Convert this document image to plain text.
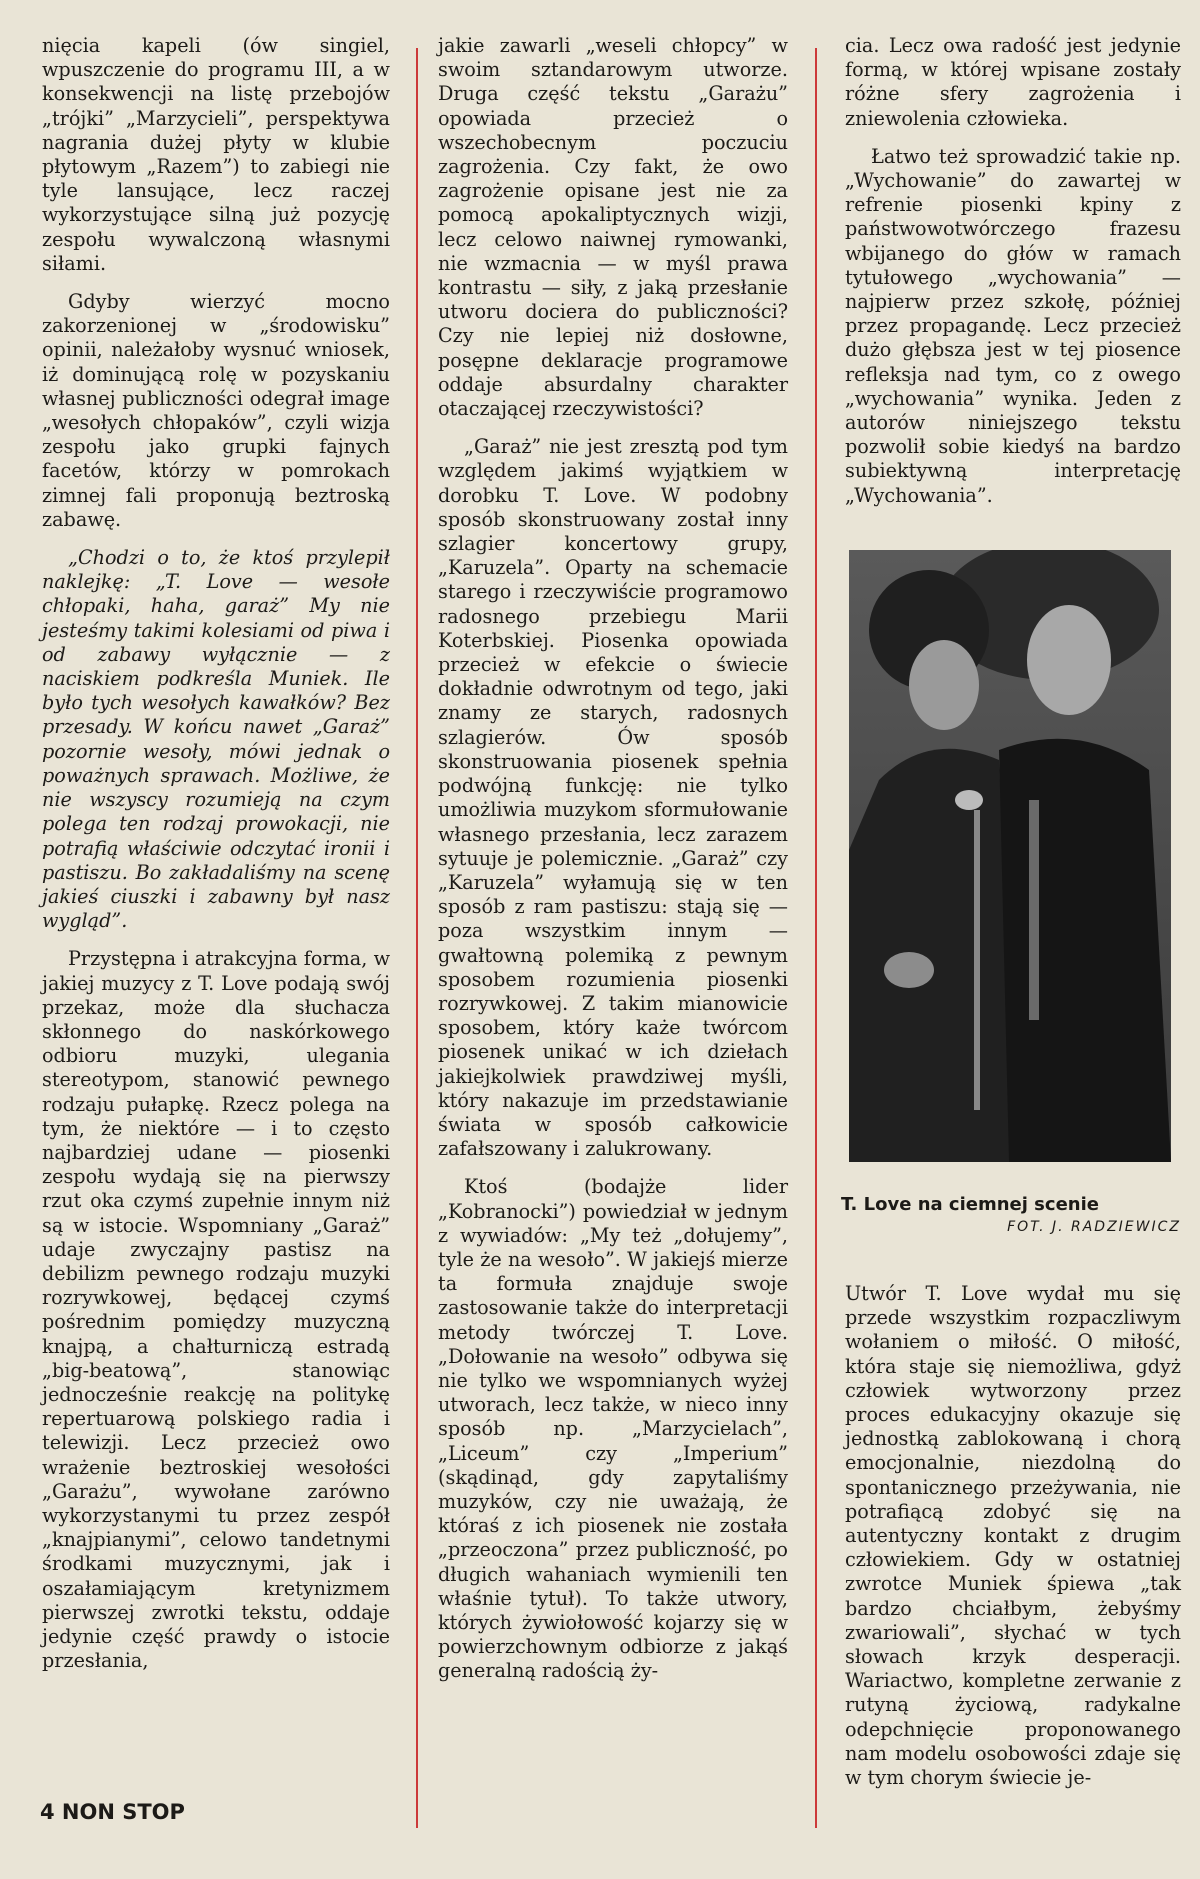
nięcia kapeli (ów singiel, wpuszczenie do programu III, a w konsekwencji na listę przebojów „trójki” „Marzycieli”, perspektywa nagrania dużej płyty w klubie płytowym „Razem”) to zabiegi nie tyle lansujące, lecz raczej wykorzystujące silną już pozycję zespołu wywalczoną własnymi siłami.

Gdyby wierzyć mocno zakorzenionej w „środowisku” opinii, należałoby wysnuć wniosek, iż dominującą rolę w pozyskaniu własnej publiczności odegrał image „wesołych chłopaków”, czyli wizja zespołu jako grupki fajnych facetów, którzy w pomrokach zimnej fali proponują beztroską zabawę.

„Chodzi o to, że ktoś przylepił naklejkę: „T. Love — wesołe chłopaki, haha, garaż” My nie jesteśmy takimi kolesiami od piwa i od zabawy wyłącznie — z naciskiem podkreśla Muniek. Ile było tych wesołych kawałków? Bez przesady. W końcu nawet „Garaż” pozornie wesoły, mówi jednak o poważnych sprawach. Możliwe, że nie wszyscy rozumieją na czym polega ten rodzaj prowokacji, nie potrafią właściwie odczytać ironii i pastiszu. Bo zakładaliśmy na scenę jakieś ciuszki i zabawny był nasz wygląd”.

Przystępna i atrakcyjna forma, w jakiej muzycy z T. Love podają swój przekaz, może dla słuchacza skłonnego do naskórkowego odbioru muzyki, ulegania stereotypom, stanowić pewnego rodzaju pułapkę. Rzecz polega na tym, że niektóre — i to często najbardziej udane — piosenki zespołu wydają się na pierwszy rzut oka czymś zupełnie innym niż są w istocie. Wspomniany „Garaż” udaje zwyczajny pastisz na debilizm pewnego rodzaju muzyki rozrywkowej, będącej czymś pośrednim pomiędzy muzyczną knajpą, a chałturniczą estradą „big-beatową”, stanowiąc jednocześnie reakcję na politykę repertuarową polskiego radia i telewizji. Lecz przecież owo wrażenie beztroskiej wesołości „Garażu”, wywołane zarówno wykorzystanymi tu przez zespół „knajpianymi”, celowo tandetnymi środkami muzycznymi, jak i oszałamiającym kretynizmem pierwszej zwrotki tekstu, oddaje jedynie część prawdy o istocie przesłania,

jakie zawarli „weseli chłopcy” w swoim sztandarowym utworze. Druga część tekstu „Garażu” opowiada przecież o wszechobecnym poczuciu zagrożenia. Czy fakt, że owo zagrożenie opisane jest nie za pomocą apokaliptycznych wizji, lecz celowo naiwnej rymowanki, nie wzmacnia — w myśl prawa kontrastu — siły, z jaką przesłanie utworu dociera do publiczności? Czy nie lepiej niż dosłowne, posępne deklaracje programowe oddaje absurdalny charakter otaczającej rzeczywistości?

„Garaż” nie jest zresztą pod tym względem jakimś wyjątkiem w dorobku T. Love. W podobny sposób skonstruowany został inny szlagier koncertowy grupy, „Karuzela”. Oparty na schemacie starego i rzeczywiście programowo radosnego przebiegu Marii Koterbskiej. Piosenka opowiada przecież w efekcie o świecie dokładnie odwrotnym od tego, jaki znamy ze starych, radosnych szlagierów. Ów sposób skonstruowania piosenek spełnia podwójną funkcję: nie tylko umożliwia muzykom sformułowanie własnego przesłania, lecz zarazem sytuuje je polemicznie. „Garaż” czy „Karuzela” wyłamują się w ten sposób z ram pastiszu: stają się — poza wszystkim innym — gwałtowną polemiką z pewnym sposobem rozumienia piosenki rozrywkowej. Z takim mianowicie sposobem, który każe twórcom piosenek unikać w ich dziełach jakiejkolwiek prawdziwej myśli, który nakazuje im przedstawianie świata w sposób całkowicie zafałszowany i zalukrowany.

Ktoś (bodajże lider „Kobranocki”) powiedział w jednym z wywiadów: „My też „dołujemy”, tyle że na wesoło”. W jakiejś mierze ta formuła znajduje swoje zastosowanie także do interpretacji metody twórczej T. Love. „Dołowanie na wesoło” odbywa się nie tylko we wspomnianych wyżej utworach, lecz także, w nieco inny sposób np. „Marzycielach”, „Liceum” czy „Imperium” (skądinąd, gdy zapytaliśmy muzyków, czy nie uważają, że któraś z ich piosenek nie została „przeoczona” przez publiczność, po długich wahaniach wymienili ten właśnie tytuł). To także utwory, których żywiołowość kojarzy się w powierzchownym odbiorze z jakąś generalną radością ży-

cia. Lecz owa radość jest jedynie formą, w której wpisane zostały różne sfery zagrożenia i zniewolenia człowieka.

Łatwo też sprowadzić takie np. „Wychowanie” do zawartej w refrenie piosenki kpiny z państwowotwórczego frazesu wbijanego do głów w ramach tytułowego „wychowania” — najpierw przez szkołę, później przez propagandę. Lecz przecież dużo głębsza jest w tej piosence refleksja nad tym, co z owego „wychowania” wynika. Jeden z autorów niniejszego tekstu pozwolił sobie kiedyś na bardzo subiektywną interpretację „Wychowania”.

T. Love na ciemnej scenie
FOT. J. RADZIEWICZ

Utwór T. Love wydał mu się przede wszystkim rozpaczliwym wołaniem o miłość. O miłość, która staje się niemożliwa, gdyż człowiek wytworzony przez proces edukacyjny okazuje się jednostką zablokowaną i chorą emocjonalnie, niezdolną do spontanicznego przeżywania, nie potrafiącą zdobyć się na autentyczny kontakt z drugim człowiekiem. Gdy w ostatniej zwrotce Muniek śpiewa „tak bardzo chciałbym, żebyśmy zwariowali”, słychać w tych słowach krzyk desperacji. Wariactwo, kompletne zerwanie z rutyną życiową, radykalne odepchnięcie proponowanego nam modelu osobowości zdaje się w tym chorym świecie je-

4 NON STOP
